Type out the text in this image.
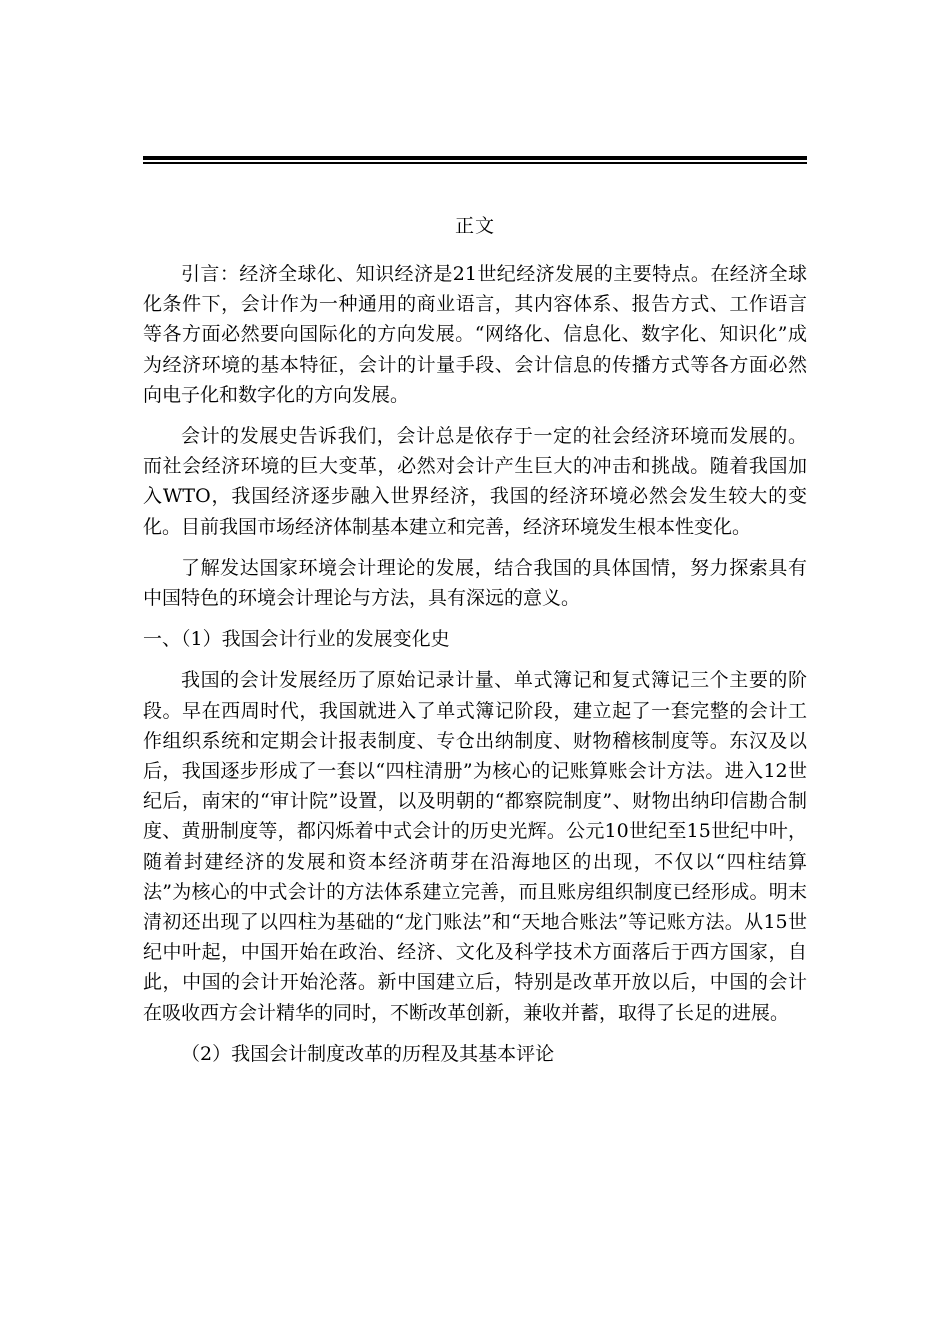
正文

引言：经济全球化、知识经济是21世纪经济发展的主要特点。在经济全球化条件下，会计作为一种通用的商业语言，其内容体系、报告方式、工作语言等各方面必然要向国际化的方向发展。“网络化、信息化、数字化、知识化”成为经济环境的基本特征，会计的计量手段、会计信息的传播方式等各方面必然向电子化和数字化的方向发展。

会计的发展史告诉我们，会计总是依存于一定的社会经济环境而发展的。而社会经济环境的巨大变革，必然对会计产生巨大的冲击和挑战。随着我国加入WTO，我国经济逐步融入世界经济，我国的经济环境必然会发生较大的变化。目前我国市场经济体制基本建立和完善，经济环境发生根本性变化。

了解发达国家环境会计理论的发展，结合我国的具体国情，努力探索具有中国特色的环境会计理论与方法，具有深远的意义。

一、（1）我国会计行业的发展变化史

我国的会计发展经历了原始记录计量、单式簿记和复式簿记三个主要的阶段。早在西周时代，我国就进入了单式簿记阶段，建立起了一套完整的会计工作组织系统和定期会计报表制度、专仓出纳制度、财物稽核制度等。东汉及以后，我国逐步形成了一套以“四柱清册”为核心的记账算账会计方法。进入12世纪后，南宋的“审计院”设置，以及明朝的“都察院制度”、财物出纳印信勘合制度、黄册制度等，都闪烁着中式会计的历史光辉。公元10世纪至15世纪中叶，随着封建经济的发展和资本经济萌芽在沿海地区的出现，不仅以“四柱结算法”为核心的中式会计的方法体系建立完善，而且账房组织制度已经形成。明末清初还出现了以四柱为基础的“龙门账法”和“天地合账法”等记账方法。从15世纪中叶起，中国开始在政治、经济、文化及科学技术方面落后于西方国家，自此，中国的会计开始沦落。新中国建立后，特别是改革开放以后，中国的会计在吸收西方会计精华的同时，不断改革创新，兼收并蓄，取得了长足的进展。

（2）我国会计制度改革的历程及其基本评论
